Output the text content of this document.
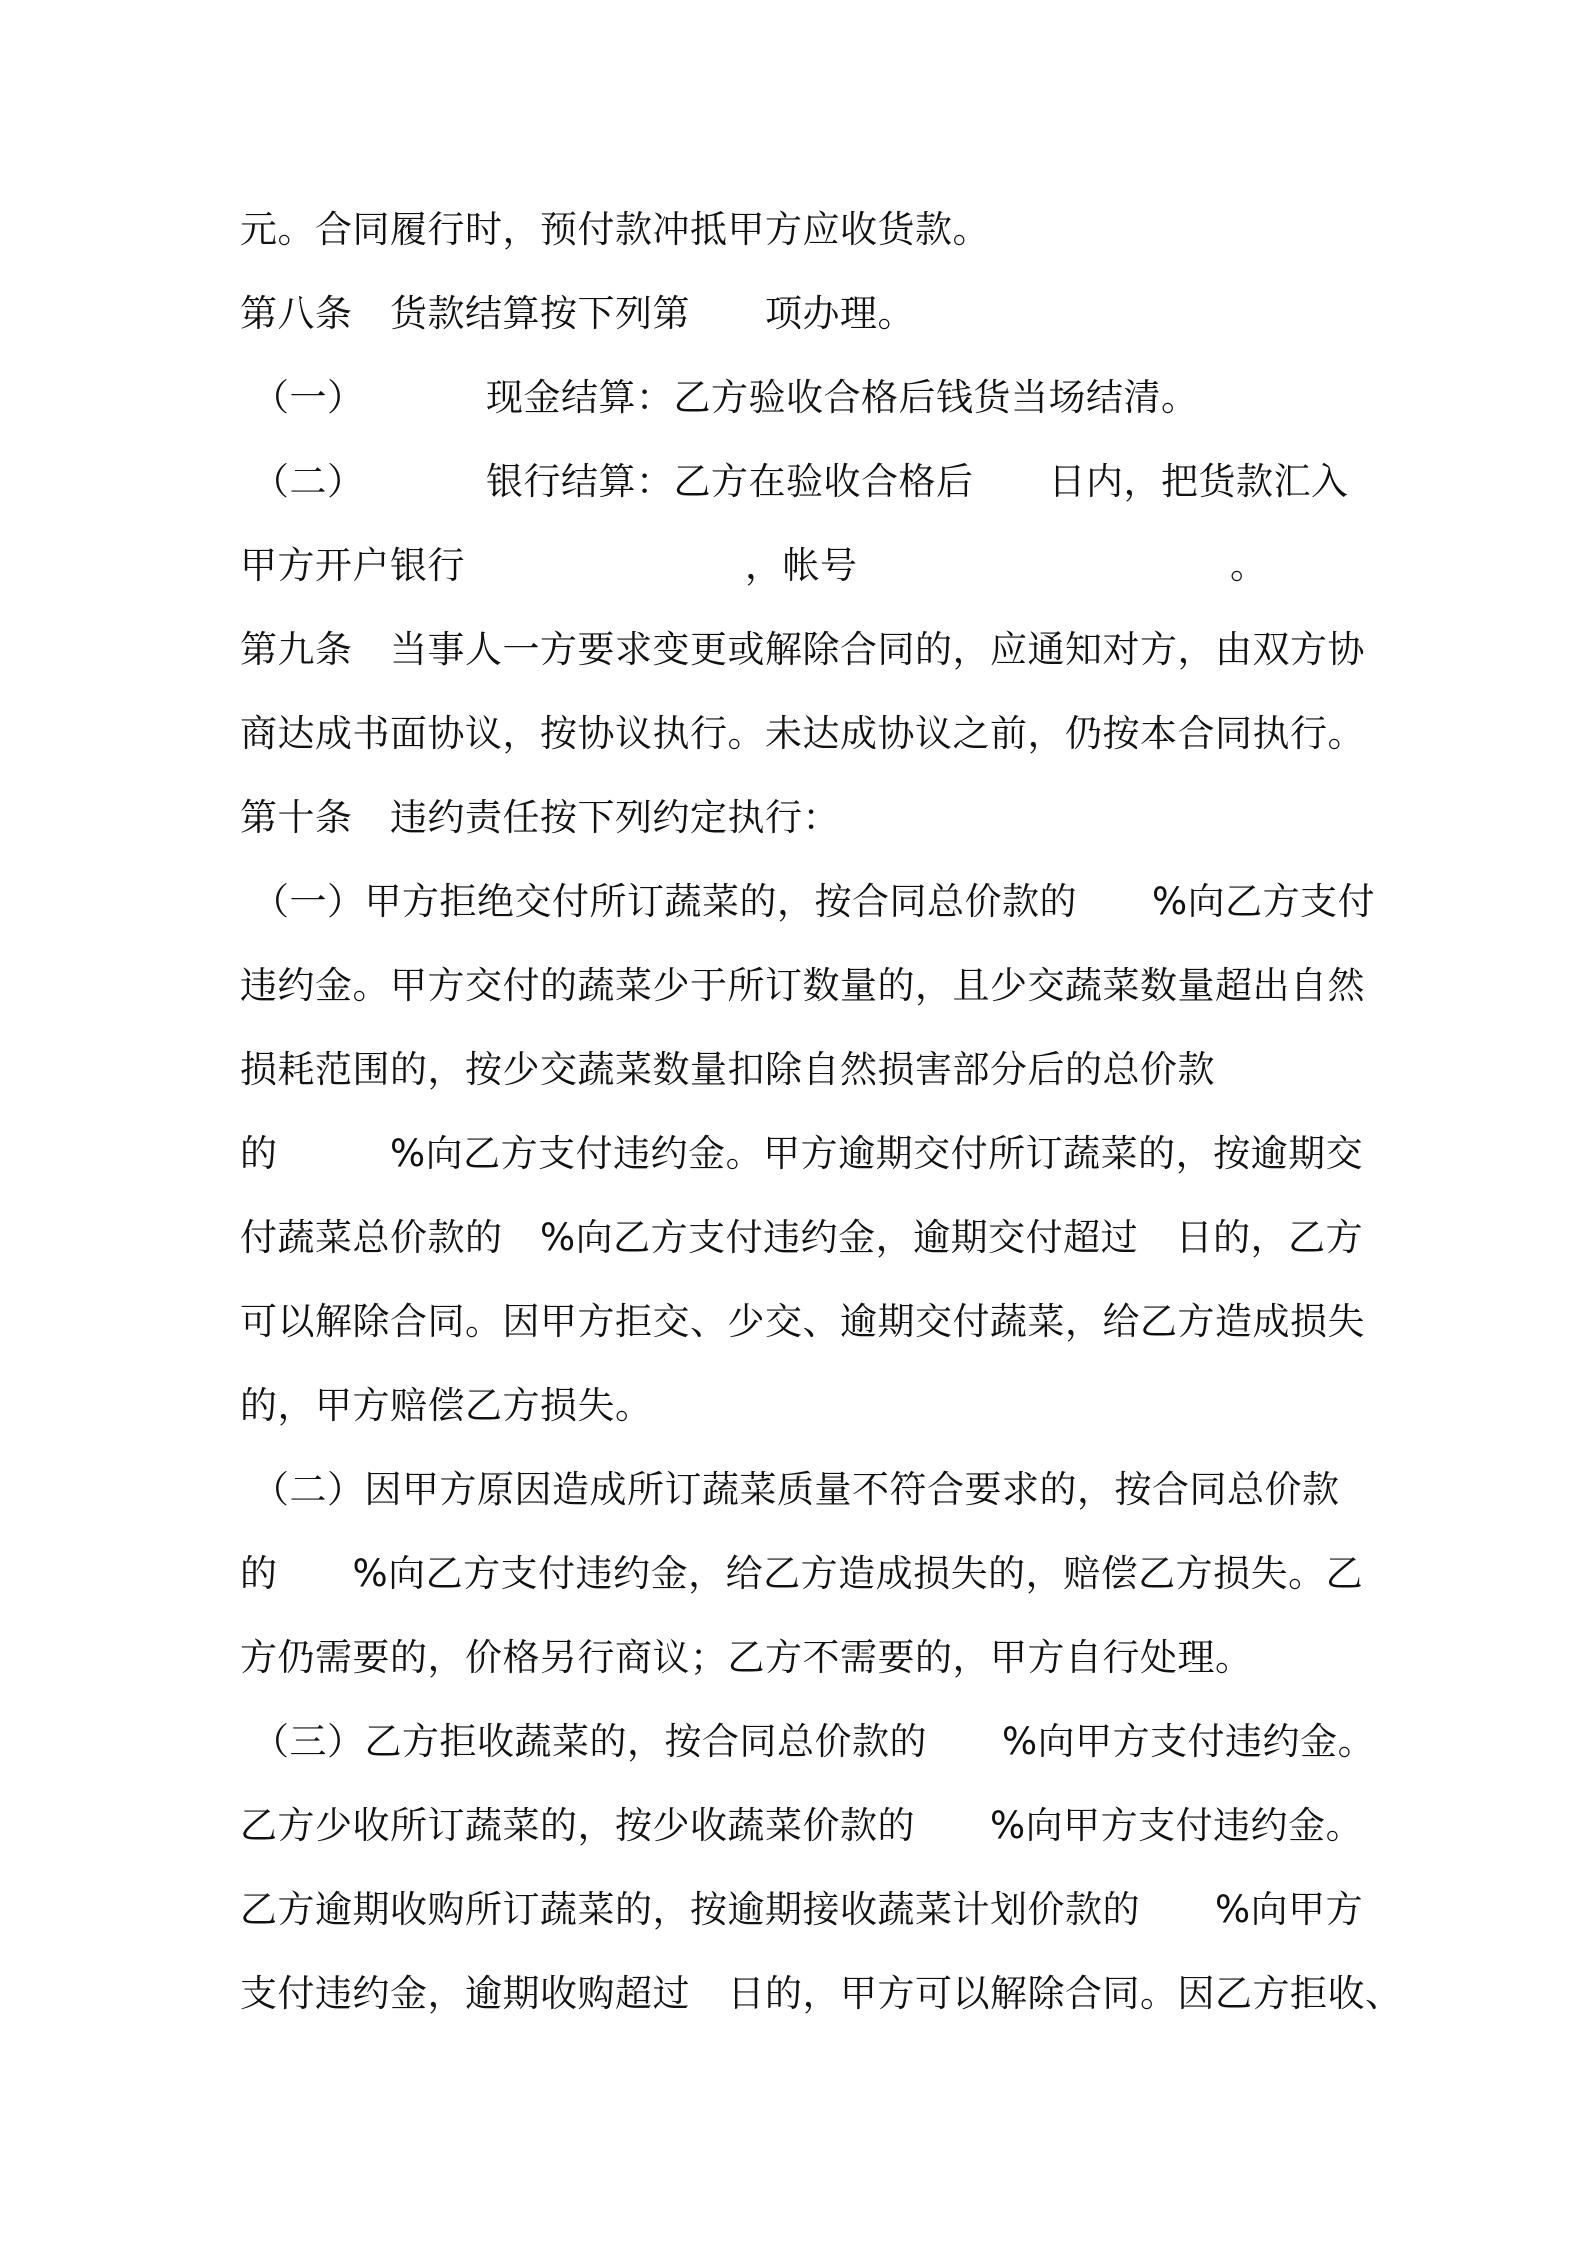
元。合同履行时，预付款冲抵甲方应收货款。
第八条　货款结算按下列第　　项办理。

（一）

	现金结算：乙方验收合格后钱货当场结清。

（二）

	银行结算：乙方在验收合格后　　日内，把货款汇入

甲方开户银行

	，帐号

	。

第九条　当事人一方要求变更或解除合同的，应通知对方，由双方协
商达成书面协议，按协议执行。未达成协议之前，仍按本合同执行。
第十条　违约责任按下列约定执行：
（一）甲方拒绝交付所订蔬菜的，按合同总价款的　　%向乙方支付
违约金。甲方交付的蔬菜少于所订数量的，且少交蔬菜数量超出自然
损耗范围的，按少交蔬菜数量扣除自然损害部分后的总价款
的　　　%向乙方支付违约金。甲方逾期交付所订蔬菜的，按逾期交
付蔬菜总价款的　%向乙方支付违约金，逾期交付超过　日的，乙方
可以解除合同。因甲方拒交、少交、逾期交付蔬菜，给乙方造成损失
的，甲方赔偿乙方损失。
（二）因甲方原因造成所订蔬菜质量不符合要求的，按合同总价款
的　　%向乙方支付违约金，给乙方造成损失的，赔偿乙方损失。乙
方仍需要的，价格另行商议；乙方不需要的，甲方自行处理。
（三）乙方拒收蔬菜的，按合同总价款的　　%向甲方支付违约金。
乙方少收所订蔬菜的，按少收蔬菜价款的　　%向甲方支付违约金。
乙方逾期收购所订蔬菜的，按逾期接收蔬菜计划价款的　　%向甲方
支付违约金，逾期收购超过　日的，甲方可以解除合同。因乙方拒收、
